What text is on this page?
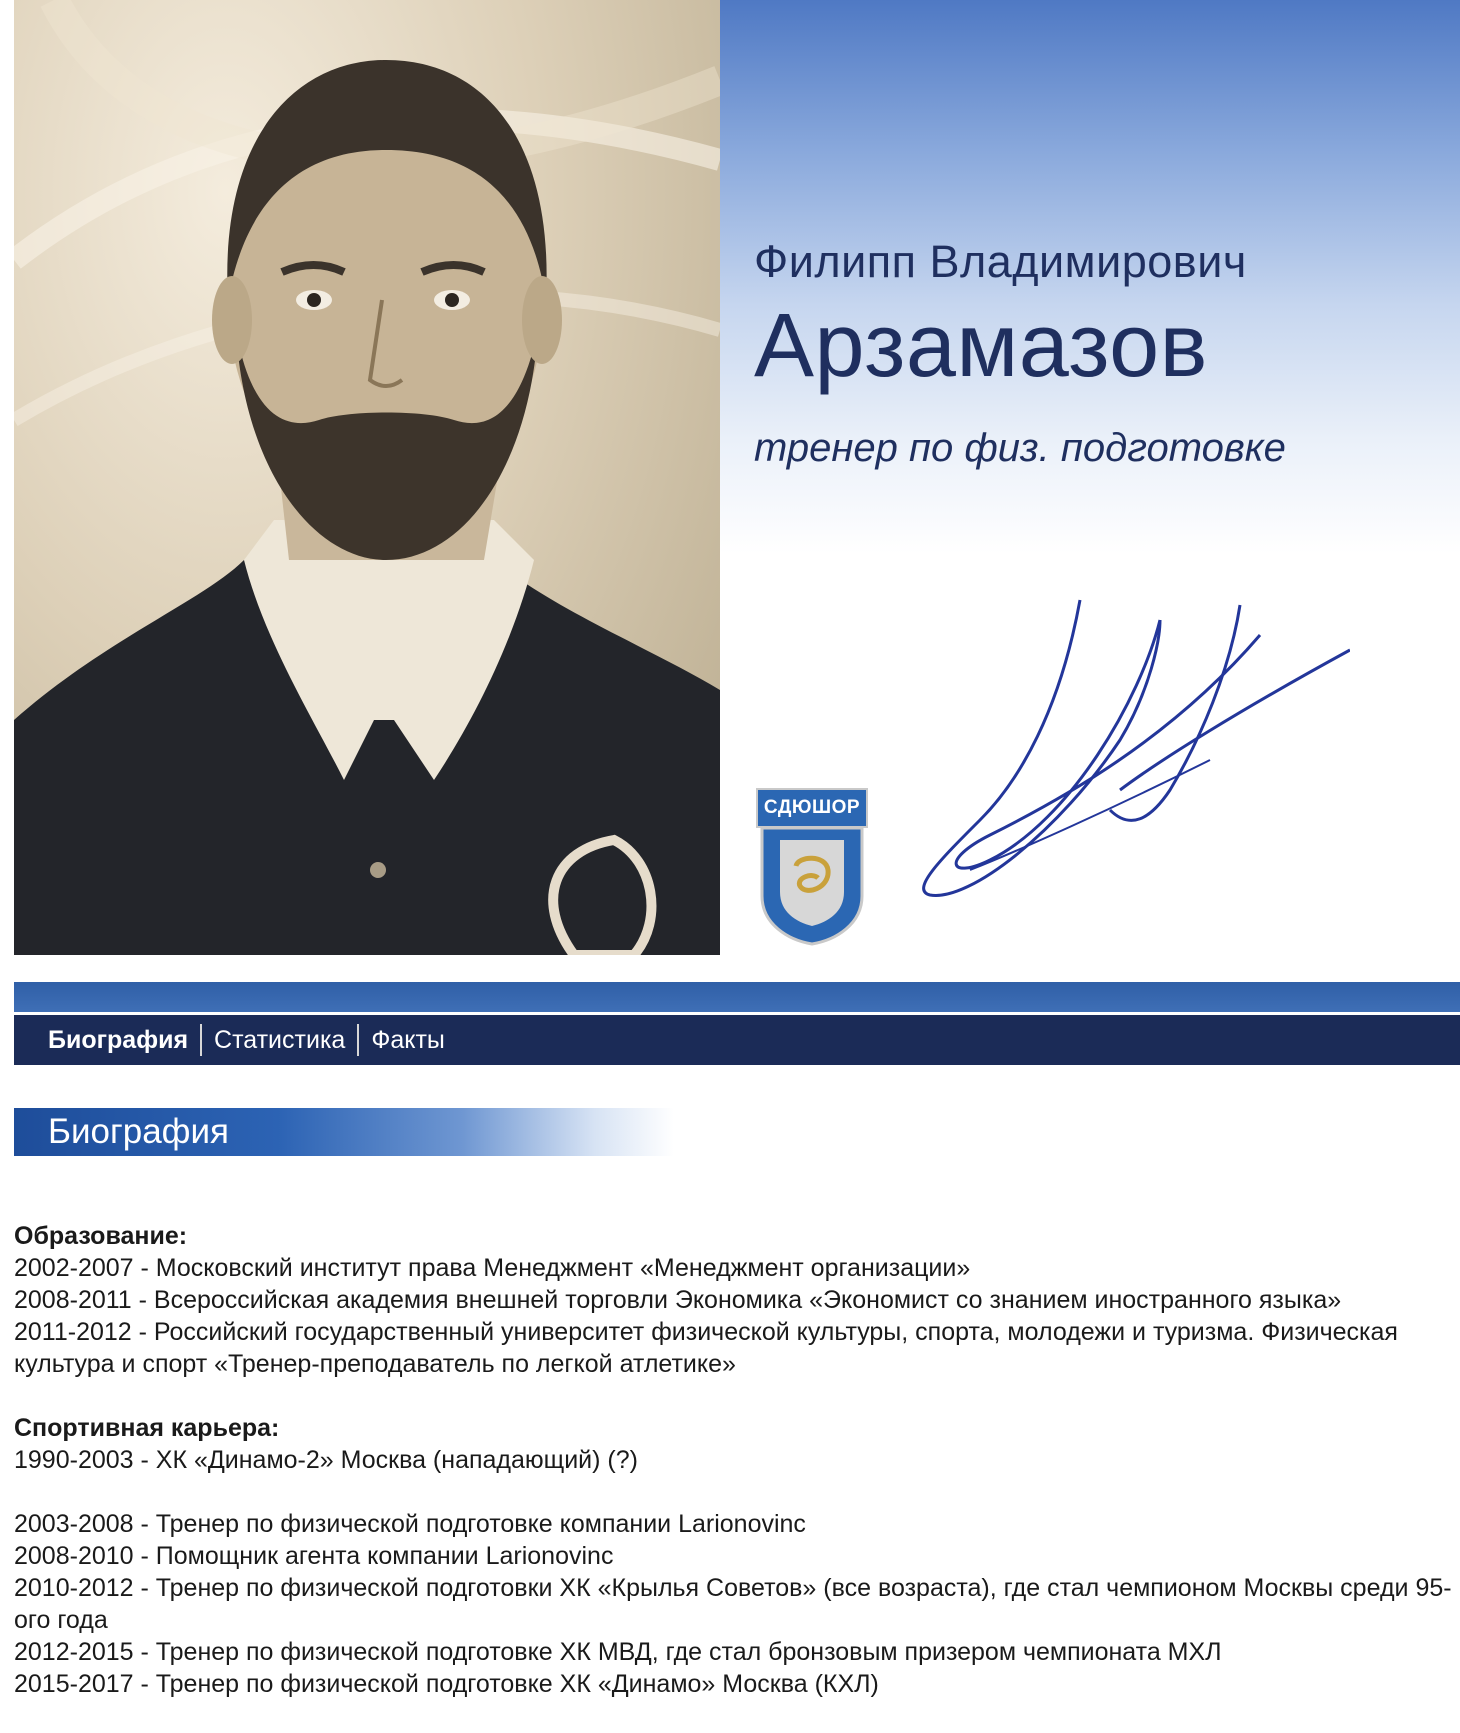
Филипп Владимирович

Арзамазов

тренер по физ. подготовке

СДЮШОР
Биография Статистика Факты
Биография

Образование:

2002-2007 - Московский институт права Менеджмент «Менеджмент организации»

2008-2011 - Всероссийская академия внешней торговли Экономика «Экономист со знанием иностранного языка»

2011-2012 - Российский государственный университет физической культуры, спорта, молодежи и туризма. Физическая культура и спорт «Тренер-преподаватель по легкой атлетике»

Спортивная карьера:

1990-2003 - ХК «Динамо-2» Москва (нападающий) (?)

2003-2008 - Тренер по физической подготовке компании Larionovinc

2008-2010 - Помощник агента компании Larionovinc

2010-2012 - Тренер по физической подготовки ХК «Крылья Советов» (все возраста), где стал чемпионом Москвы среди 95-ого года

2012-2015 - Тренер по физической подготовке ХК МВД, где стал бронзовым призером чемпионата МХЛ

2015-2017 - Тренер по физической подготовке ХК «Динамо» Москва (КХЛ)
